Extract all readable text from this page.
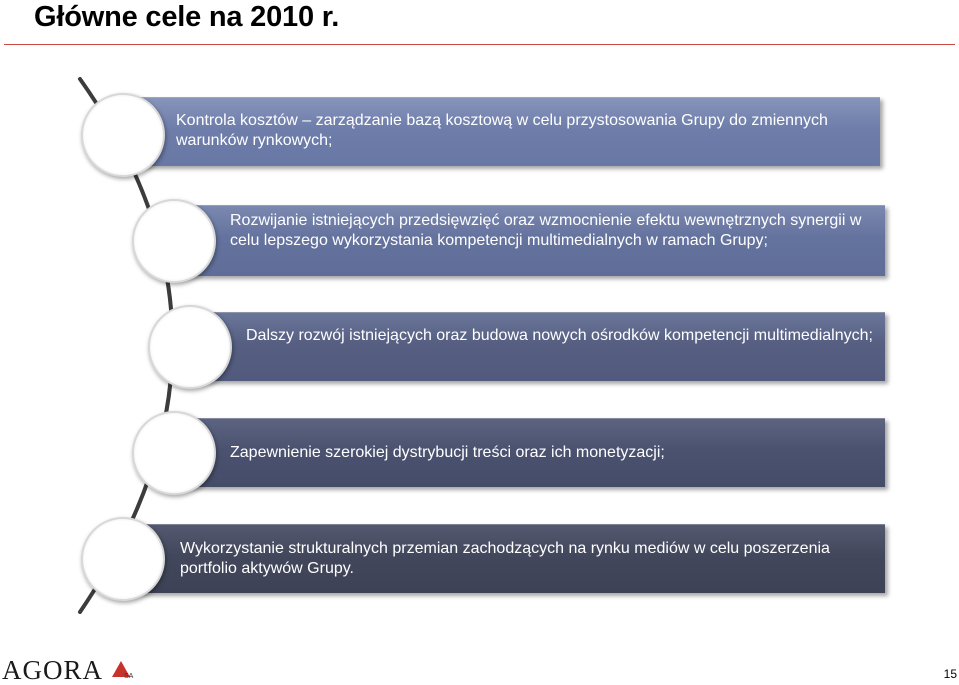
Główne cele na 2010 r.
Kontrola kosztów – zarządzanie bazą kosztową w celu przystosowania Grupy do zmiennych warunków rynkowych;
Rozwijanie istniejących przedsięwzięć oraz wzmocnienie efektu wewnętrznych synergii w celu lepszego wykorzystania kompetencji multimedialnych w ramach Grupy;
Dalszy rozwój istniejących oraz budowa nowych ośrodków kompetencji multimedialnych;
Zapewnienie szerokiej dystrybucji treści oraz ich monetyzacji;
Wykorzystanie strukturalnych przemian zachodzących na rynku mediów w celu poszerzenia portfolio aktywów Grupy.
AGORA	SA	15
